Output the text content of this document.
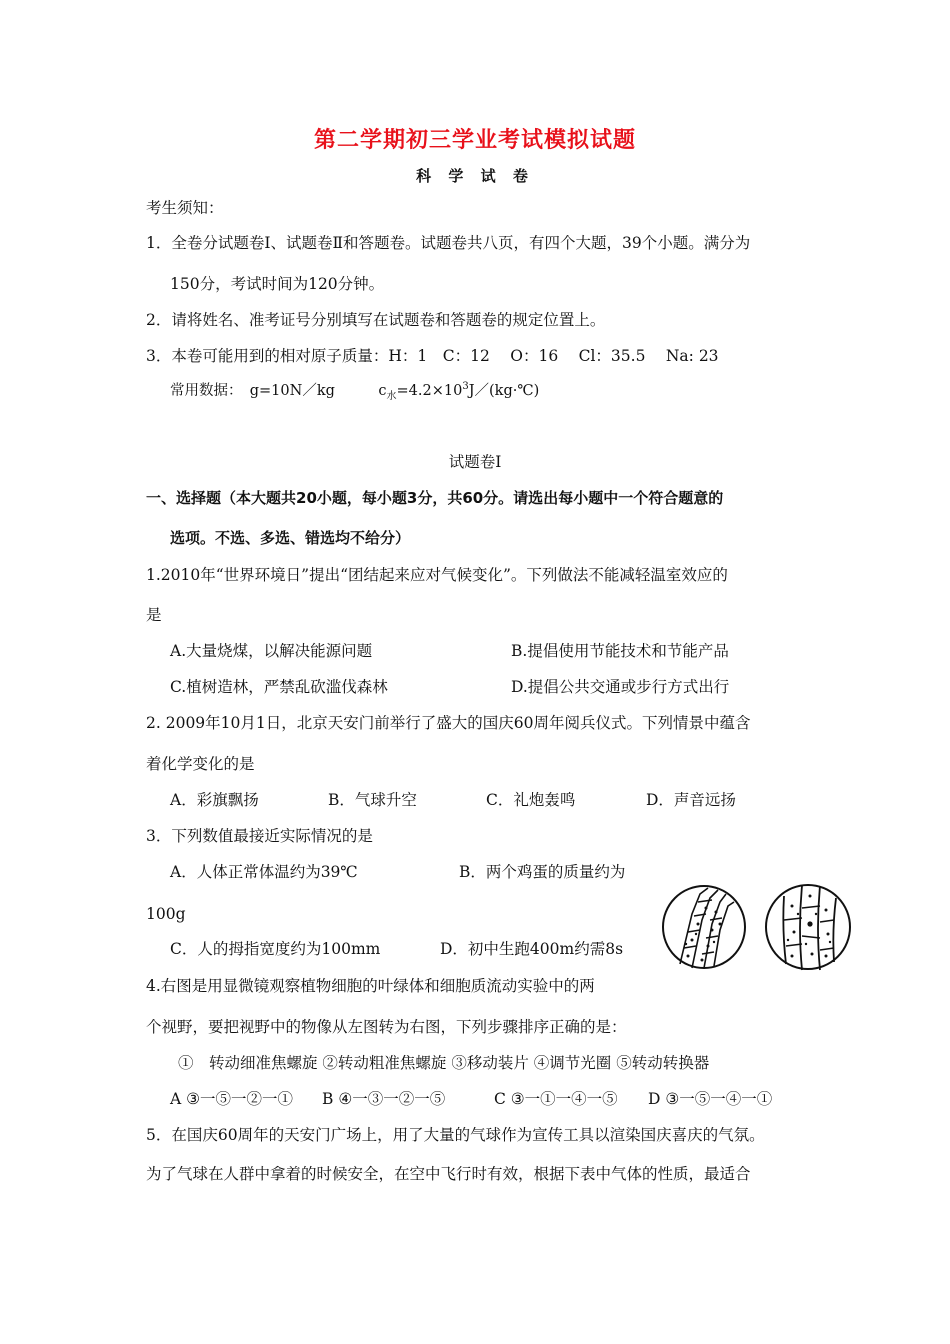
第二学期初三学业考试模拟试题
科 学 试 卷
考生须知：
1．全卷分试题卷Ⅰ、试题卷Ⅱ和答题卷。试题卷共八页，有四个大题，39个小题。满分为
150分，考试时间为120分钟。
2．请将姓名、准考证号分别填写在试题卷和答题卷的规定位置上。
3．本卷可能用到的相对原子质量：H：1　C：12　 O：16　 Cl：35.5　 Na: 23
常用数据：　g=10N／kg　　　$c_水=4.2\times 10^3J/(kg\cdot℃)$
试题卷Ⅰ
一、选择题（本大题共20小题，每小题3分，共60分。请选出每小题中一个符合题意的
选项。不选、多选、错选均不给分）
1.2010年“世界环境日”提出“团结起来应对气候变化”。下列做法不能减轻温室效应的
是
A.大量烧煤，以解决能源问题	B.提倡使用节能技术和节能产品
C.植树造林，严禁乱砍滥伐森林	D.提倡公共交通或步行方式出行
2. 2009年10月1日，北京天安门前举行了盛大的国庆60周年阅兵仪式。下列情景中蕴含
着化学变化的是
A．彩旗飘扬	B．气球升空	C．礼炮轰鸣	D．声音远扬
3．下列数值最接近实际情况的是
A．人体正常体温约为39℃	B．两个鸡蛋的质量约为
100g
C．人的拇指宽度约为100mm	D．初中生跑400m约需8s
4.右图是用显微镜观察植物细胞的叶绿体和细胞质流动实验中的两
个视野，要把视野中的物像从左图转为右图，下列步骤排序正确的是：
①　转动细准焦螺旋 ②转动粗准焦螺旋 ③移动装片 ④调节光圈 ⑤转动转换器
A ③一⑤一②一① B ④一③一②一⑤	C ③一①一④一⑤ D ③一⑤一④一①
5．在国庆60周年的天安门广场上，用了大量的气球作为宣传工具以渲染国庆喜庆的气氛。
为了气球在人群中拿着的时候安全，在空中飞行时有效，根据下表中气体的性质，最适合
